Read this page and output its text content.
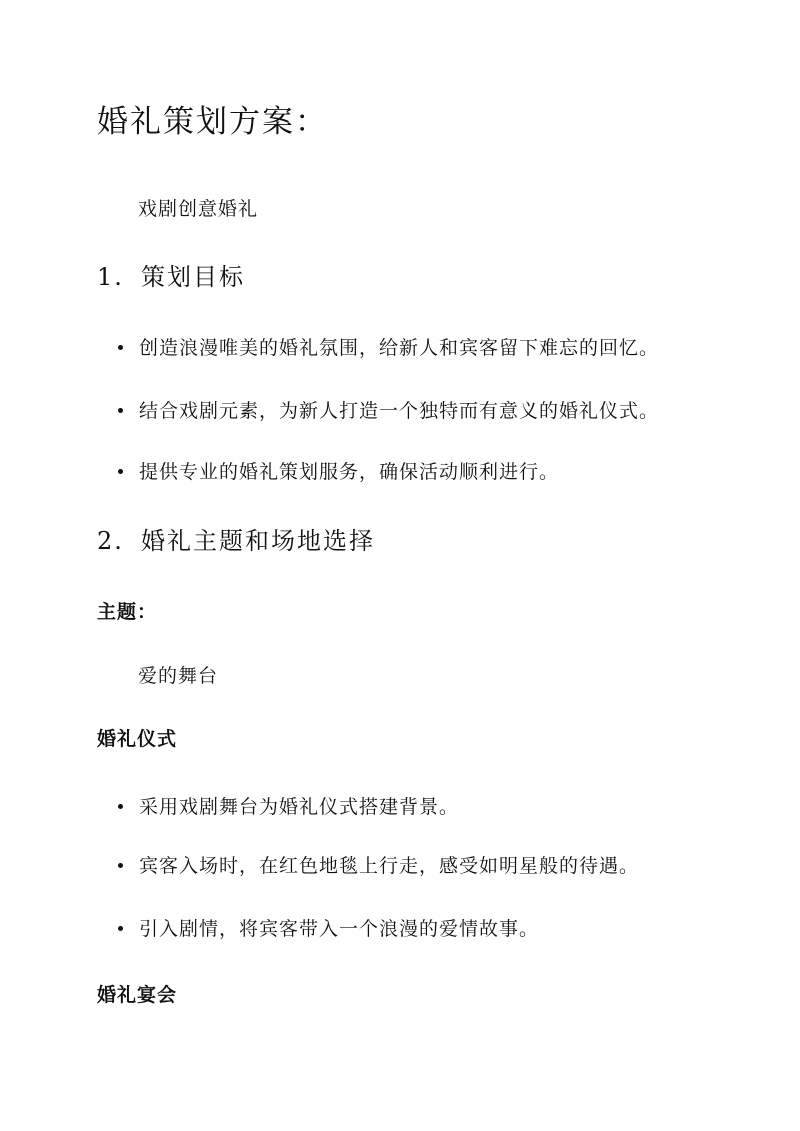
婚礼策划方案：
戏剧创意婚礼
1. 策划目标
创造浪漫唯美的婚礼氛围，给新人和宾客留下难忘的回忆。
结合戏剧元素，为新人打造一个独特而有意义的婚礼仪式。
提供专业的婚礼策划服务，确保活动顺利进行。
2. 婚礼主题和场地选择
主题：
爱的舞台
婚礼仪式
采用戏剧舞台为婚礼仪式搭建背景。
宾客入场时，在红色地毯上行走，感受如明星般的待遇。
引入剧情，将宾客带入一个浪漫的爱情故事。
婚礼宴会
